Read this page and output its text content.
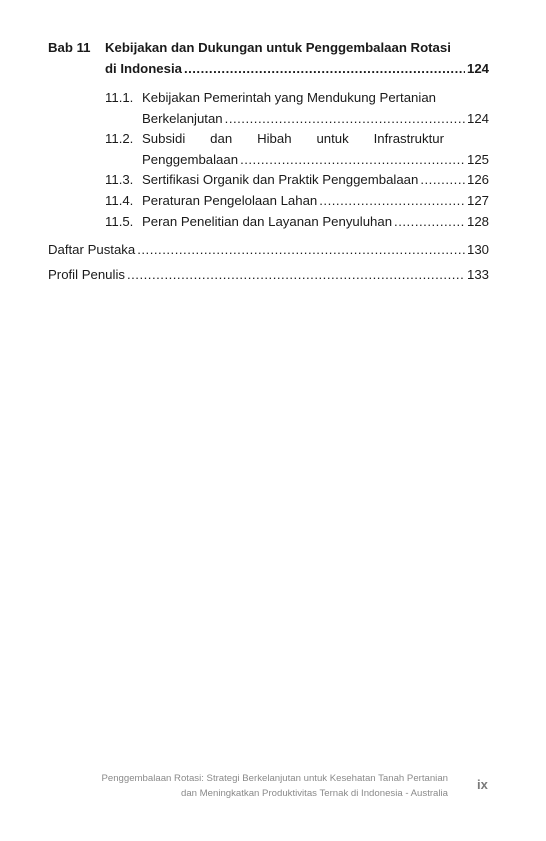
Bab 11 Kebijakan dan Dukungan untuk Penggembalaan Rotasi
di Indonesia .....	124
11.1. Kebijakan Pemerintah yang Mendukung Pertanian
Berkelanjutan .....	124
11.2. Subsidi dan Hibah untuk Infrastruktur
Penggembalaan .....	125
11.3. Sertifikasi Organik dan Praktik Penggembalaan .....	126
11.4. Peraturan Pengelolaan Lahan .....	127
11.5. Peran Penelitian dan Layanan Penyuluhan .....	128
Daftar Pustaka .....	130
Profil Penulis .....	133
Penggembalaan Rotasi: Strategi Berkelanjutan untuk Kesehatan Tanah Pertanian
dan Meningkatkan Produktivitas Ternak di Indonesia - Australia
ix
